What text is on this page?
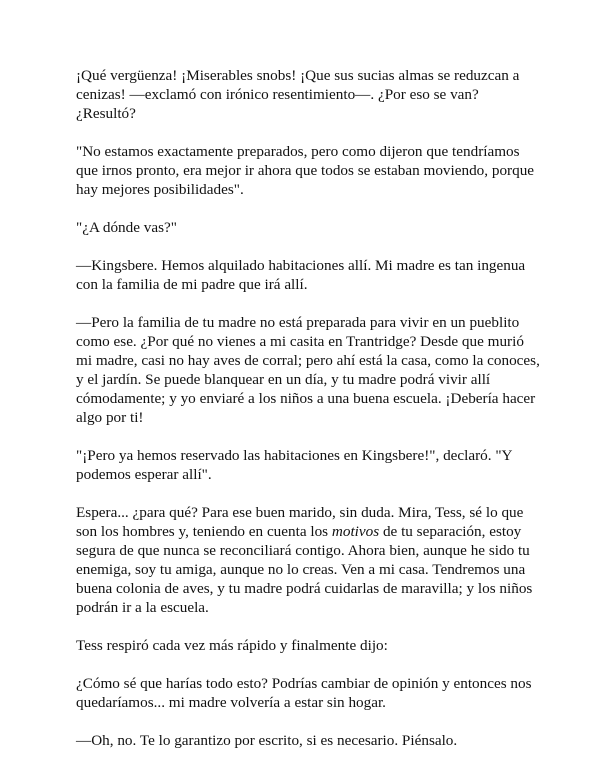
¡Qué vergüenza! ¡Miserables snobs! ¡Que sus sucias almas se reduzcan a cenizas! —exclamó con irónico resentimiento—. ¿Por eso se van? ¿Resultó?

"No estamos exactamente preparados, pero como dijeron que tendríamos que irnos pronto, era mejor ir ahora que todos se estaban moviendo, porque hay mejores posibilidades".

"¿A dónde vas?"

—Kingsbere. Hemos alquilado habitaciones allí. Mi madre es tan ingenua con la familia de mi padre que irá allí.

—Pero la familia de tu madre no está preparada para vivir en un pueblito como ese. ¿Por qué no vienes a mi casita en Trantridge? Desde que murió mi madre, casi no hay aves de corral; pero ahí está la casa, como la conoces, y el jardín. Se puede blanquear en un día, y tu madre podrá vivir allí cómodamente; y yo enviaré a los niños a una buena escuela. ¡Debería hacer algo por ti!

"¡Pero ya hemos reservado las habitaciones en Kingsbere!", declaró. "Y podemos esperar allí".

Espera... ¿para qué? Para ese buen marido, sin duda. Mira, Tess, sé lo que son los hombres y, teniendo en cuenta los motivos de tu separación, estoy segura de que nunca se reconciliará contigo. Ahora bien, aunque he sido tu enemiga, soy tu amiga, aunque no lo creas. Ven a mi casa. Tendremos una buena colonia de aves, y tu madre podrá cuidarlas de maravilla; y los niños podrán ir a la escuela.

Tess respiró cada vez más rápido y finalmente dijo:

¿Cómo sé que harías todo esto? Podrías cambiar de opinión y entonces nos quedaríamos... mi madre volvería a estar sin hogar.

—Oh, no. Te lo garantizo por escrito, si es necesario. Piénsalo.
